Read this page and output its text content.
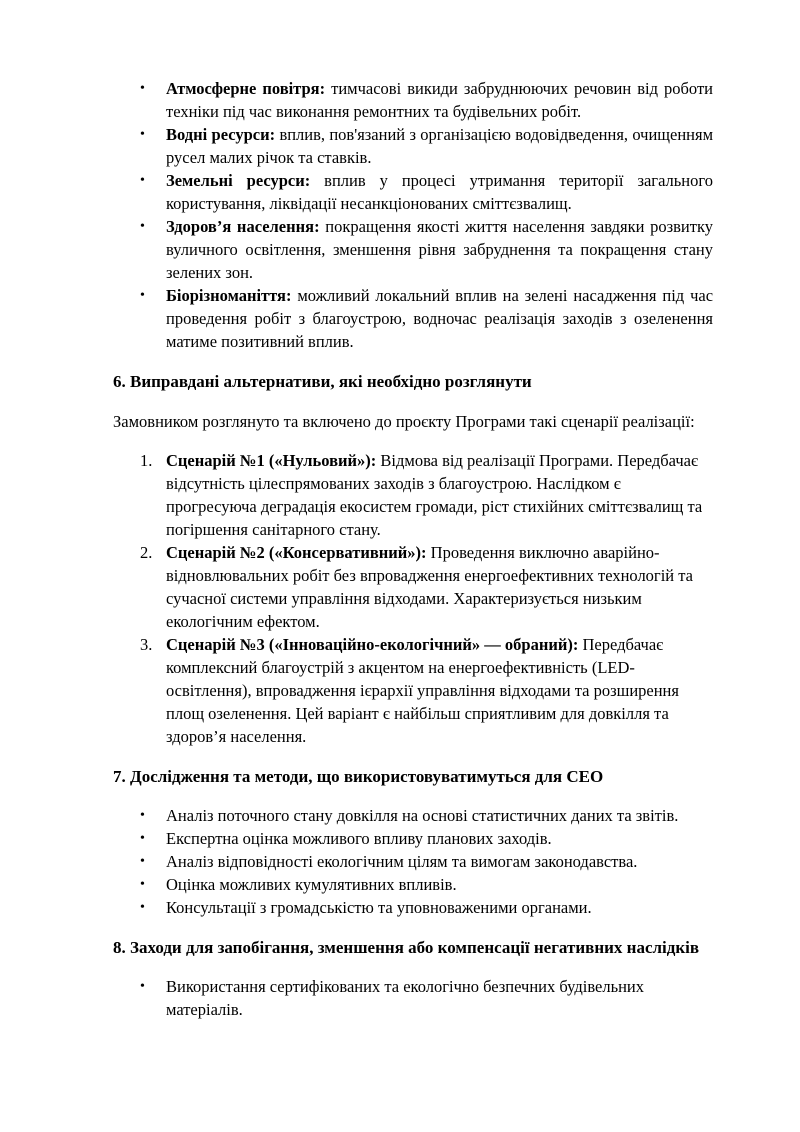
• Атмосферне повітря: тимчасові викиди забруднюючих речовин від роботи техніки під час виконання ремонтних та будівельних робіт.
• Водні ресурси: вплив, пов'язаний з організацією водовідведення, очищенням русел малих річок та ставків.
• Земельні ресурси: вплив у процесі утримання території загального користування, ліквідації несанкціонованих сміттєзвалищ.
• Здоров’я населення: покращення якості життя населення завдяки розвитку вуличного освітлення, зменшення рівня забруднення та покращення стану зелених зон.
• Біорізноманіття: можливий локальний вплив на зелені насадження під час проведення робіт з благоустрою, водночас реалізація заходів з озеленення матиме позитивний вплив.
6. Виправдані альтернативи, які необхідно розглянути

Замовником розглянуто та включено до проєкту Програми такі сценарії реалізації:

1. Сценарій №1 («Нульовий»): Відмова від реалізації Програми. Передбачає відсутність цілеспрямованих заходів з благоустрою. Наслідком є прогресуюча деградація екосистем громади, ріст стихійних сміттєзвалищ та погіршення санітарного стану.
2. Сценарій №2 («Консервативний»): Проведення виключно аварійно-відновлювальних робіт без впровадження енергоефективних технологій та сучасної системи управління відходами. Характеризується низьким екологічним ефектом.
3. Сценарій №3 («Інноваційно-екологічний» — обраний): Передбачає комплексний благоустрій з акцентом на енергоефективність (LED-освітлення), впровадження ієрархії управління відходами та розширення площ озеленення. Цей варіант є найбільш сприятливим для довкілля та здоров’я населення.
7. Дослідження та методи, що використовуватимуться для СЕО
• Аналіз поточного стану довкілля на основі статистичних даних та звітів.
• Експертна оцінка можливого впливу планових заходів.
• Аналіз відповідності екологічним цілям та вимогам законодавства.
• Оцінка можливих кумулятивних впливів.
• Консультації з громадськістю та уповноваженими органами.
8. Заходи для запобігання, зменшення або компенсації негативних наслідків
• Використання сертифікованих та екологічно безпечних будівельних матеріалів.
